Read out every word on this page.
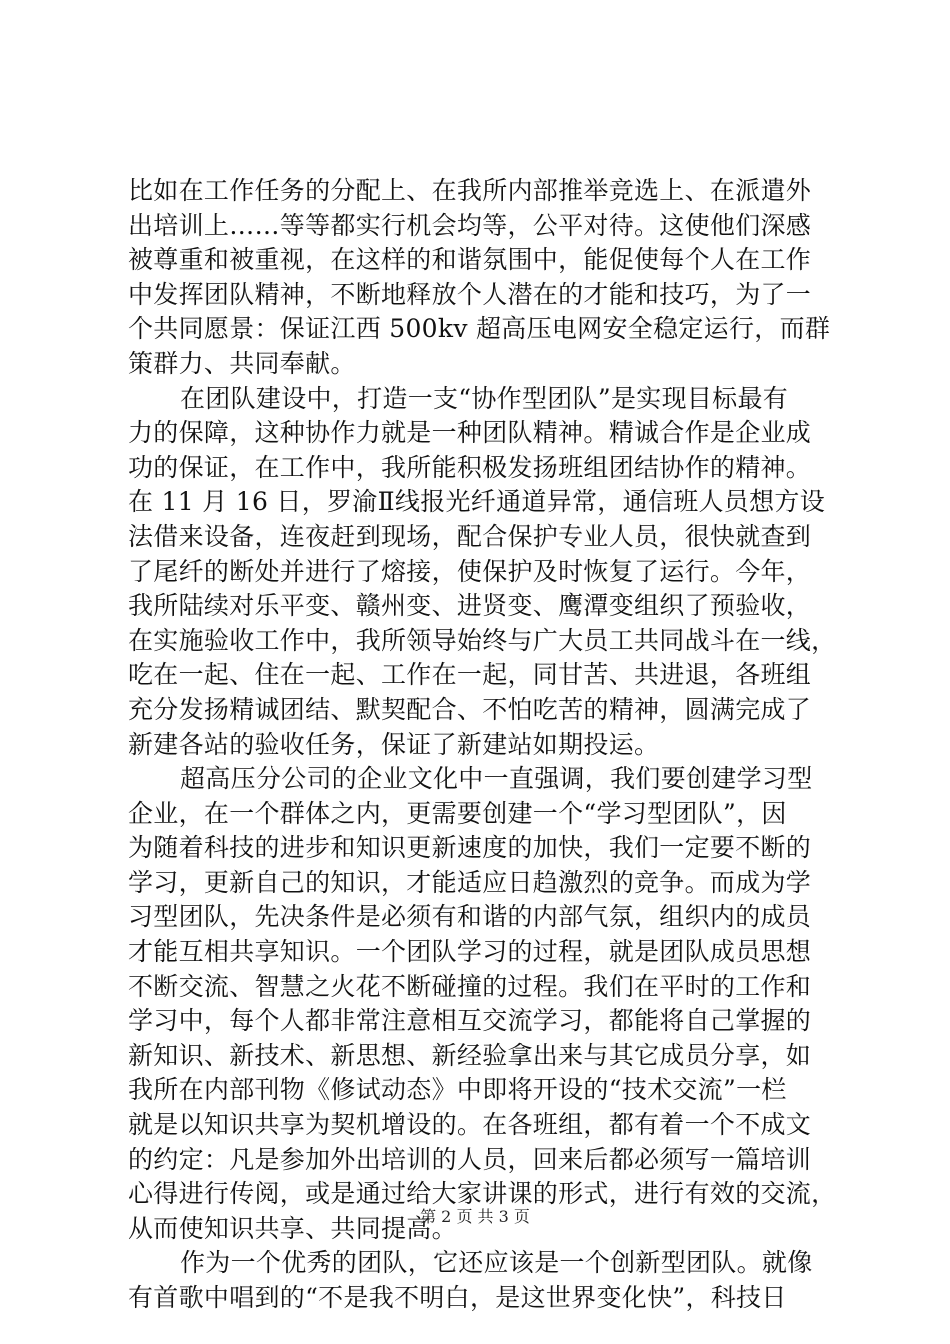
比如在工作任务的分配上、在我所内部推举竞选上、在派遣外
出培训上……等等都实行机会均等，公平对待。这使他们深感
被尊重和被重视，在这样的和谐氛围中，能促使每个人在工作
中发挥团队精神，不断地释放个人潜在的才能和技巧，为了一
个共同愿景：保证江西 500kv 超高压电网安全稳定运行，而群
策群力、共同奉献。
在团队建设中，打造一支“协作型团队”是实现目标最有
力的保障，这种协作力就是一种团队精神。精诚合作是企业成
功的保证，在工作中，我所能积极发扬班组团结协作的精神。
在 11 月 16 日，罗渝Ⅱ线报光纤通道异常，通信班人员想方设
法借来设备，连夜赶到现场，配合保护专业人员，很快就查到
了尾纤的断处并进行了熔接，使保护及时恢复了运行。今年，
我所陆续对乐平变、赣州变、进贤变、鹰潭变组织了预验收，
在实施验收工作中，我所领导始终与广大员工共同战斗在一线，
吃在一起、住在一起、工作在一起，同甘苦、共进退，各班组
充分发扬精诚团结、默契配合、不怕吃苦的精神，圆满完成了
新建各站的验收任务，保证了新建站如期投运。
超高压分公司的企业文化中一直强调，我们要创建学习型
企业，在一个群体之内，更需要创建一个“学习型团队”，因
为随着科技的进步和知识更新速度的加快，我们一定要不断的
学习，更新自己的知识，才能适应日趋激烈的竞争。而成为学
习型团队，先决条件是必须有和谐的内部气氛，组织内的成员
才能互相共享知识。一个团队学习的过程，就是团队成员思想
不断交流、智慧之火花不断碰撞的过程。我们在平时的工作和
学习中，每个人都非常注意相互交流学习，都能将自己掌握的
新知识、新技术、新思想、新经验拿出来与其它成员分享，如
我所在内部刊物《修试动态》中即将开设的“技术交流”一栏
就是以知识共享为契机增设的。在各班组，都有着一个不成文
的约定：凡是参加外出培训的人员，回来后都必须写一篇培训
心得进行传阅，或是通过给大家讲课的形式，进行有效的交流，
从而使知识共享、共同提高。
作为一个优秀的团队，它还应该是一个创新型团队。就像
有首歌中唱到的“不是我不明白，是这世界变化快”，科技日
第 2 页 共 3 页
